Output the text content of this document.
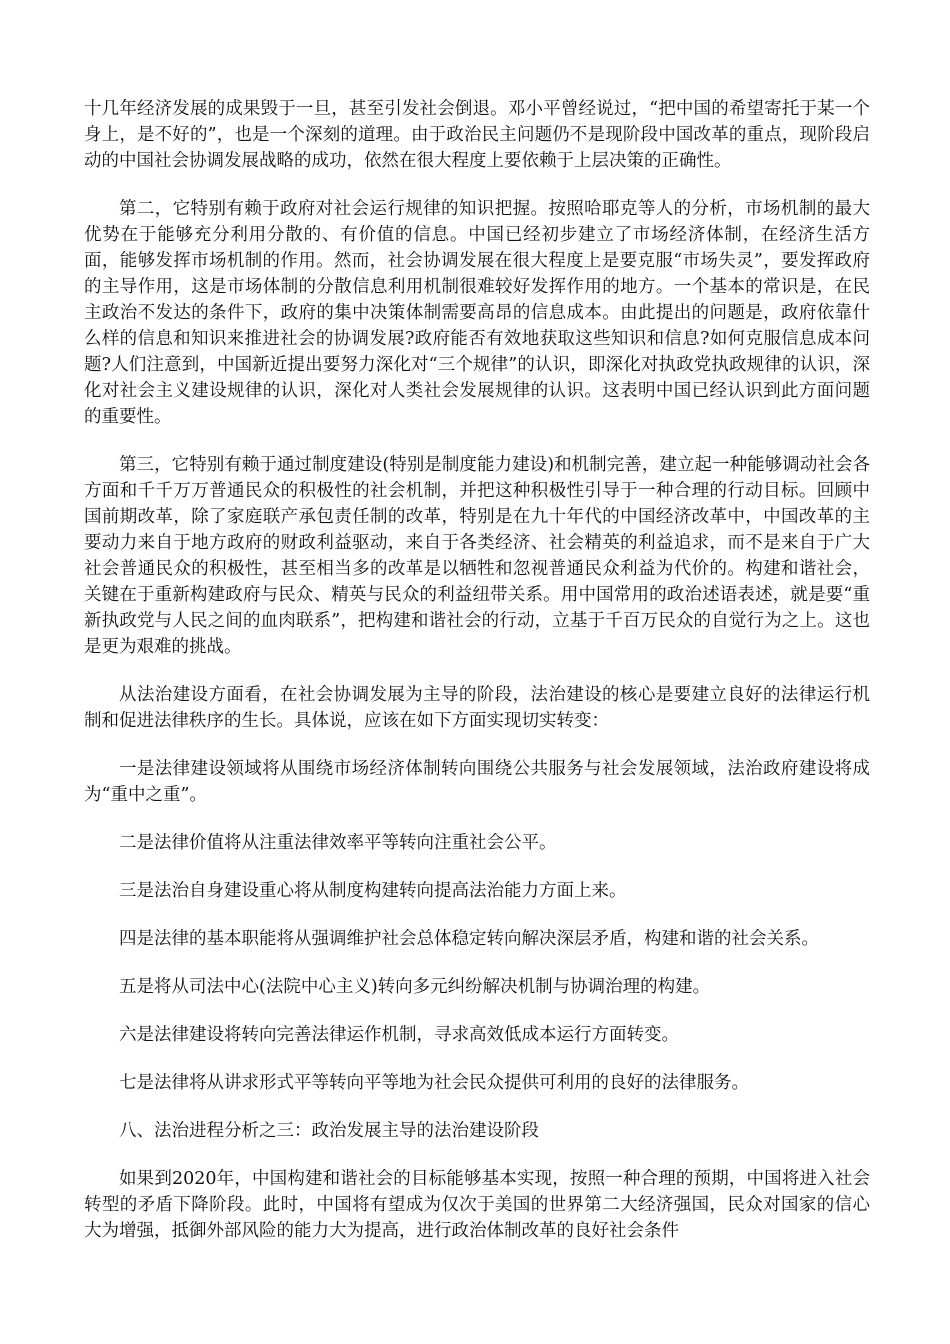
十几年经济发展的成果毁于一旦，甚至引发社会倒退。邓小平曾经说过，“把中国的希望寄托于某一个身上，是不好的”，也是一个深刻的道理。由于政治民主问题仍不是现阶段中国改革的重点，现阶段启动的中国社会协调发展战略的成功，依然在很大程度上要依赖于上层决策的正确性。

第二，它特别有赖于政府对社会运行规律的知识把握。按照哈耶克等人的分析，市场机制的最大优势在于能够充分利用分散的、有价值的信息。中国已经初步建立了市场经济体制，在经济生活方面，能够发挥市场机制的作用。然而，社会协调发展在很大程度上是要克服“市场失灵”，要发挥政府的主导作用，这是市场体制的分散信息利用机制很难较好发挥作用的地方。一个基本的常识是，在民主政治不发达的条件下，政府的集中决策体制需要高昂的信息成本。由此提出的问题是，政府依靠什么样的信息和知识来推进社会的协调发展?政府能否有效地获取这些知识和信息?如何克服信息成本问题?人们注意到，中国新近提出要努力深化对“三个规律”的认识，即深化对执政党执政规律的认识，深化对社会主义建设规律的认识，深化对人类社会发展规律的认识。这表明中国已经认识到此方面问题的重要性。

第三，它特别有赖于通过制度建设(特别是制度能力建设)和机制完善，建立起一种能够调动社会各方面和千千万万普通民众的积极性的社会机制，并把这种积极性引导于一种合理的行动目标。回顾中国前期改革，除了家庭联产承包责任制的改革，特别是在九十年代的中国经济改革中，中国改革的主要动力来自于地方政府的财政利益驱动，来自于各类经济、社会精英的利益追求，而不是来自于广大社会普通民众的积极性，甚至相当多的改革是以牺牲和忽视普通民众利益为代价的。构建和谐社会，关键在于重新构建政府与民众、精英与民众的利益纽带关系。用中国常用的政治述语表述，就是要“重新执政党与人民之间的血肉联系”，把构建和谐社会的行动，立基于千百万民众的自觉行为之上。这也是更为艰难的挑战。

从法治建设方面看，在社会协调发展为主导的阶段，法治建设的核心是要建立良好的法律运行机制和促进法律秩序的生长。具体说，应该在如下方面实现切实转变：

一是法律建设领域将从围绕市场经济体制转向围绕公共服务与社会发展领域，法治政府建设将成为“重中之重”。

二是法律价值将从注重法律效率平等转向注重社会公平。

三是法治自身建设重心将从制度构建转向提高法治能力方面上来。

四是法律的基本职能将从强调维护社会总体稳定转向解决深层矛盾，构建和谐的社会关系。

五是将从司法中心(法院中心主义)转向多元纠纷解决机制与协调治理的构建。

六是法律建设将转向完善法律运作机制，寻求高效低成本运行方面转变。

七是法律将从讲求形式平等转向平等地为社会民众提供可利用的良好的法律服务。

八、法治进程分析之三：政治发展主导的法治建设阶段

如果到2020年，中国构建和谐社会的目标能够基本实现，按照一种合理的预期，中国将进入社会转型的矛盾下降阶段。此时，中国将有望成为仅次于美国的世界第二大经济强国，民众对国家的信心大为增强，抵御外部风险的能力大为提高，进行政治体制改革的良好社会条件
